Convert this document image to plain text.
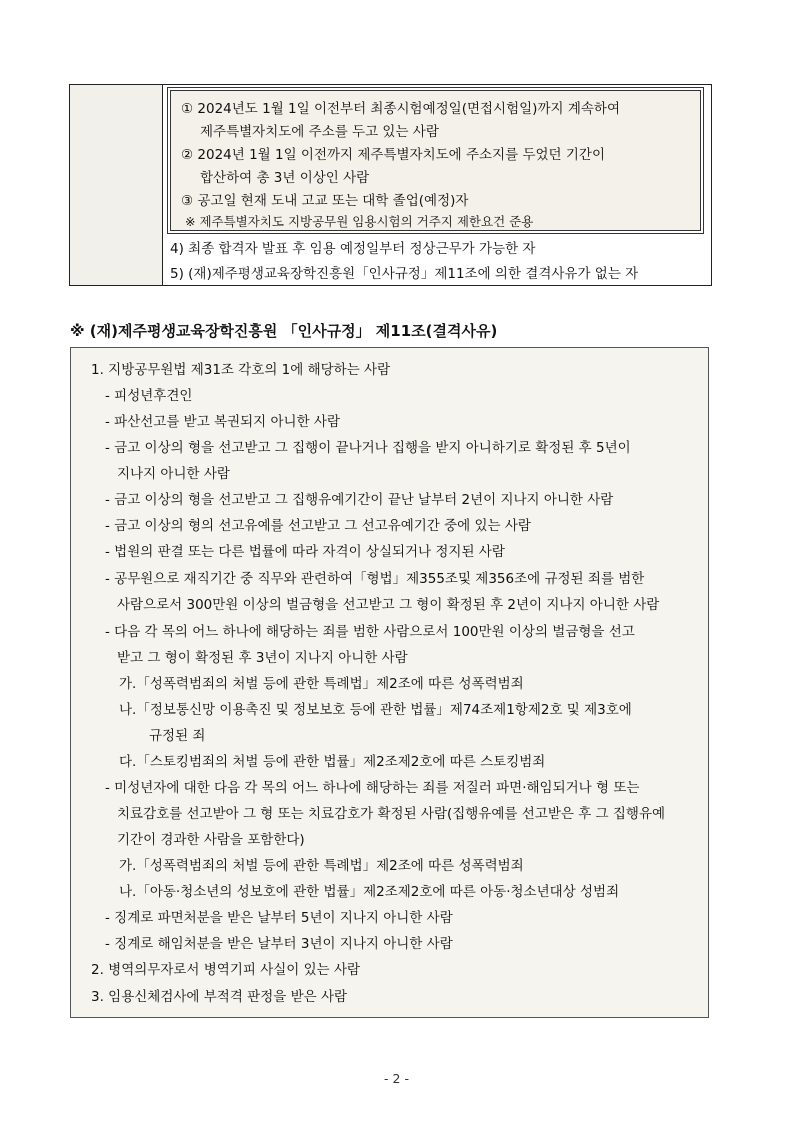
① 2024년도 1월 1일 이전부터 최종시험예정일(면접시험일)까지 계속하여
제주특별자치도에 주소를 두고 있는 사람
② 2024년 1월 1일 이전까지 제주특별자치도에 주소지를 두었던 기간이
합산하여 총 3년 이상인 사람
③ 공고일 현재 도내 고교 또는 대학 졸업(예정)자
※ 제주특별자치도 지방공무원 임용시험의 거주지 제한요건 준용
4) 최종 합격자 발표 후 임용 예정일부터 정상근무가 가능한 자
5) (재)제주평생교육장학진흥원「인사규정」제11조에 의한 결격사유가 없는 자
※ (재)제주평생교육장학진흥원 「인사규정」 제11조(결격사유)
1. 지방공무원법 제31조 각호의 1에 해당하는 사람
- 피성년후견인
- 파산선고를 받고 복권되지 아니한 사람
- 금고 이상의 형을 선고받고 그 집행이 끝나거나 집행을 받지 아니하기로 확정된 후 5년이
지나지 아니한 사람
- 금고 이상의 형을 선고받고 그 집행유예기간이 끝난 날부터 2년이 지나지 아니한 사람
- 금고 이상의 형의 선고유예를 선고받고 그 선고유예기간 중에 있는 사람
- 법원의 판결 또는 다른 법률에 따라 자격이 상실되거나 정지된 사람
- 공무원으로 재직기간 중 직무와 관련하여「형법」제355조및 제356조에 규정된 죄를 범한
사람으로서 300만원 이상의 벌금형을 선고받고 그 형이 확정된 후 2년이 지나지 아니한 사람
- 다음 각 목의 어느 하나에 해당하는 죄를 범한 사람으로서 100만원 이상의 벌금형을 선고
받고 그 형이 확정된 후 3년이 지나지 아니한 사람
가.「성폭력범죄의 처벌 등에 관한 특례법」제2조에 따른 성폭력범죄
나.「정보통신망 이용촉진 및 정보보호 등에 관한 법률」제74조제1항제2호 및 제3호에
규정된 죄
다.「스토킹범죄의 처벌 등에 관한 법률」제2조제2호에 따른 스토킹범죄
- 미성년자에 대한 다음 각 목의 어느 하나에 해당하는 죄를 저질러 파면·해임되거나 형 또는
치료감호를 선고받아 그 형 또는 치료감호가 확정된 사람(집행유예를 선고받은 후 그 집행유예
기간이 경과한 사람을 포함한다)
가.「성폭력범죄의 처벌 등에 관한 특례법」제2조에 따른 성폭력범죄
나.「아동·청소년의 성보호에 관한 법률」제2조제2호에 따른 아동·청소년대상 성범죄
- 징계로 파면처분을 받은 날부터 5년이 지나지 아니한 사람
- 징계로 해임처분을 받은 날부터 3년이 지나지 아니한 사람
2. 병역의무자로서 병역기피 사실이 있는 사람
3. 임용신체검사에 부적격 판정을 받은 사람
- 2 -
